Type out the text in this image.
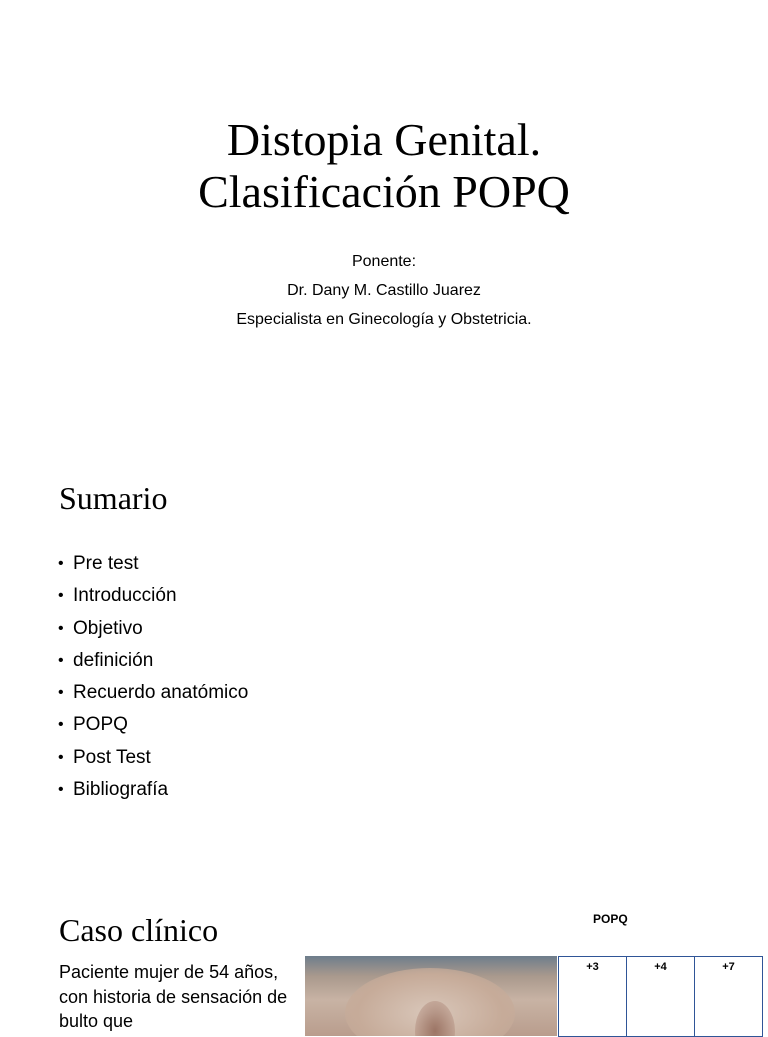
Distopia Genital.
Clasificación POPQ
Ponente:
Dr. Dany M. Castillo Juarez
Especialista en Ginecología y Obstetricia.
Sumario
• Pre test
• Introducción
• Objetivo
• definición
• Recuerdo anatómico
• POPQ
• Post Test
• Bibliografía
Caso clínico
Paciente mujer de 54 años, con historia de sensación de bulto que
POPQ
+3	+4	+7
